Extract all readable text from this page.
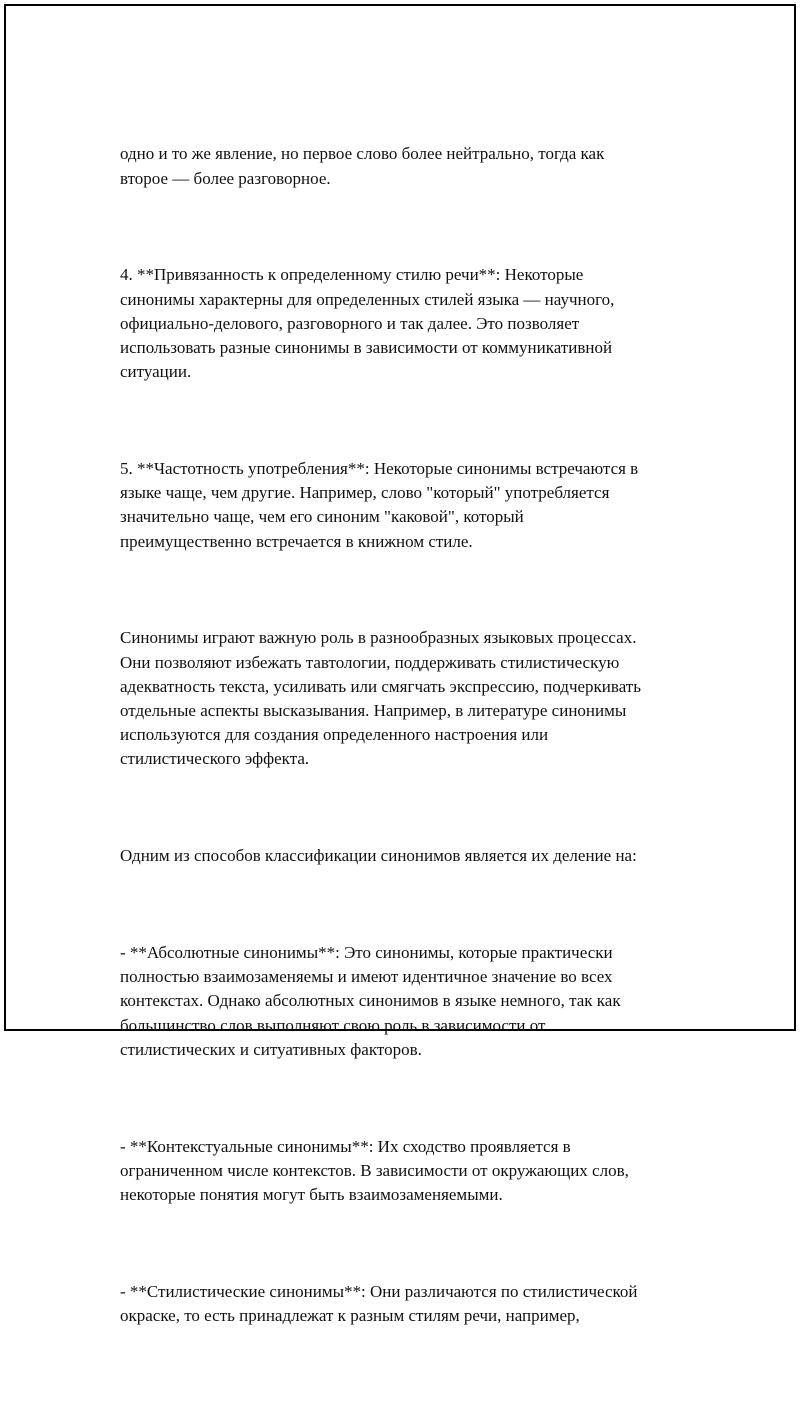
одно и то же явление, но первое слово более нейтрально, тогда как
второе — более разговорное.

4. **Привязанность к определенному стилю речи**: Некоторые
синонимы характерны для определенных стилей языка — научного,
официально-делового, разговорного и так далее. Это позволяет
использовать разные синонимы в зависимости от коммуникативной
ситуации.

5. **Частотность употребления**: Некоторые синонимы встречаются в
языке чаще, чем другие. Например, слово "который" употребляется
значительно чаще, чем его синоним "каковой", который
преимущественно встречается в книжном стиле.

Синонимы играют важную роль в разнообразных языковых процессах.
Они позволяют избежать тавтологии, поддерживать стилистическую
адекватность текста, усиливать или смягчать экспрессию, подчеркивать
отдельные аспекты высказывания. Например, в литературе синонимы
используются для создания определенного настроения или
стилистического эффекта.

Одним из способов классификации синонимов является их деление на:

- **Абсолютные синонимы**: Это синонимы, которые практически
полностью взаимозаменяемы и имеют идентичное значение во всех
контекстах. Однако абсолютных синонимов в языке немного, так как
большинство слов выполняют свою роль в зависимости от
стилистических и ситуативных факторов.

- **Контекстуальные синонимы**: Их сходство проявляется в
ограниченном числе контекстов. В зависимости от окружающих слов,
некоторые понятия могут быть взаимозаменяемыми.

- **Стилистические синонимы**: Они различаются по стилистической
окраске, то есть принадлежат к разным стилям речи, например,
